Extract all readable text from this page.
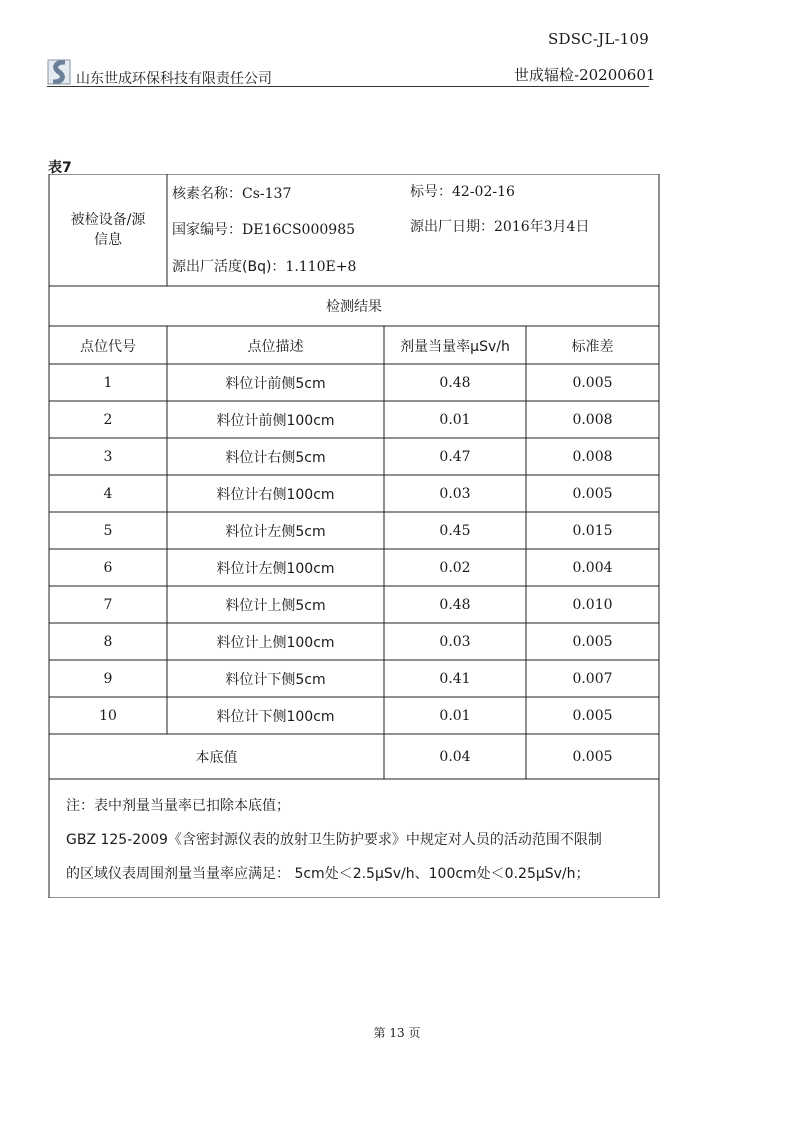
SDSC-JL-109
山东世成环保科技有限责任公司	世成辐检-20200601
表7
被检设备/源
信息
核素名称：Cs-137	标号：42-02-16
国家编号：DE16CS000985	源出厂日期：2016年3月4日
源出厂活度(Bq)：1.110E+8
检测结果
点位代号	点位描述	剂量当量率μSv/h	标准差
1	料位计前侧5cm	0.48	0.005
2	料位计前侧100cm	0.01	0.008
3	料位计右侧5cm	0.47	0.008
4	料位计右侧100cm	0.03	0.005
5	料位计左侧5cm	0.45	0.015
6	料位计左侧100cm	0.02	0.004
7	料位计上侧5cm	0.48	0.010
8	料位计上侧100cm	0.03	0.005
9	料位计下侧5cm	0.41	0.007
10	料位计下侧100cm	0.01	0.005
本底值	0.04	0.005
注：表中剂量当量率已扣除本底值；
GBZ 125-2009《含密封源仪表的放射卫生防护要求》中规定对人员的活动范围不限制
的区域仪表周围剂量当量率应满足： 5cm处＜2.5μSv/h、100cm处＜0.25μSv/h；
第 13 页
